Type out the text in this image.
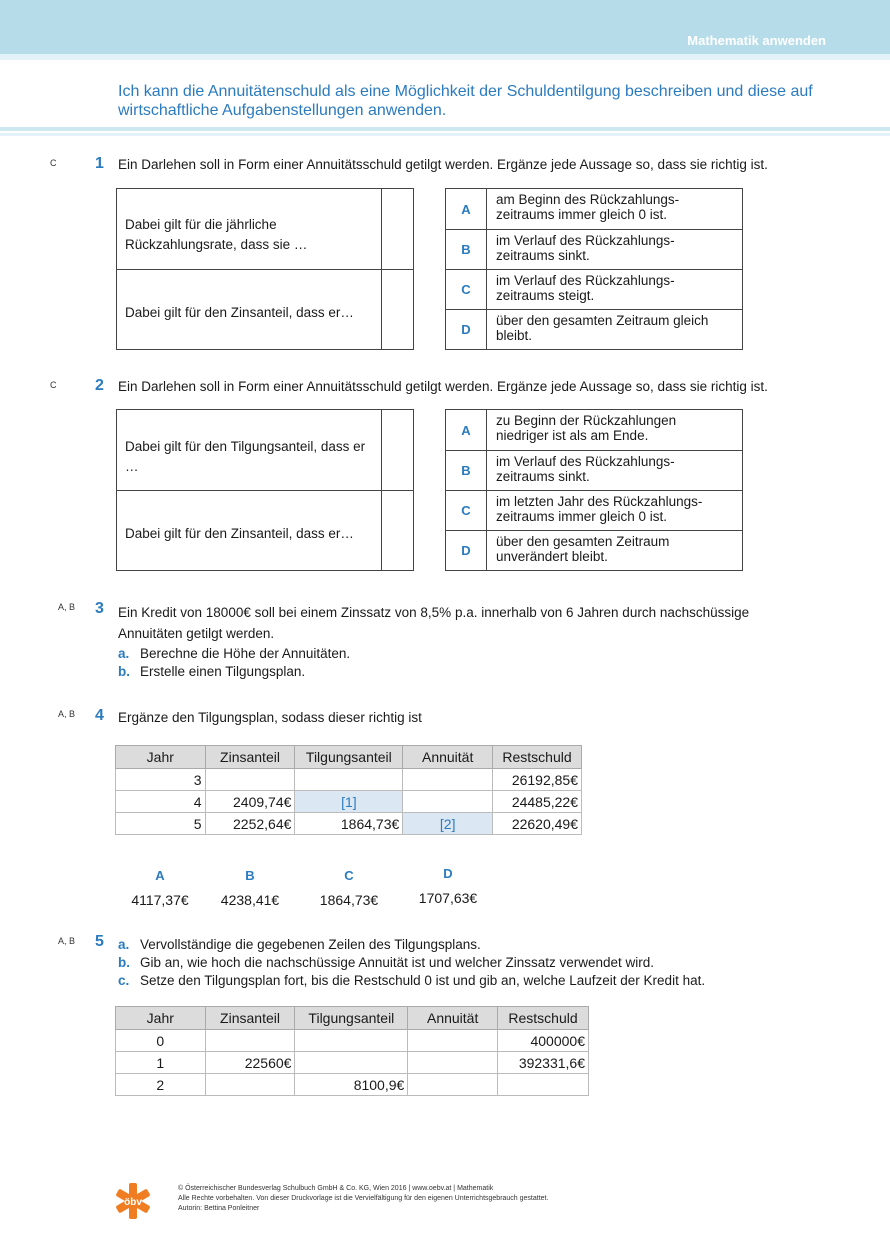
Mathematik anwenden
Ich kann die Annuitätenschuld als eine Möglichkeit der Schuldentilgung beschreiben und diese auf wirtschaftliche Aufgabenstellungen anwenden.
C 1 Ein Darlehen soll in Form einer Annuitätsschuld getilgt werden. Ergänze jede Aussage so, dass sie richtig ist.
Dabei gilt für die jährliche Rückzahlungsrate, dass sie …
Dabei gilt für den Zinsanteil, dass er…
A
am Beginn des Rückzahlungs-zeitraums immer gleich 0 ist.
B
im Verlauf des Rückzahlungs-zeitraums sinkt.
C
im Verlauf des Rückzahlungs-zeitraums steigt.
D
über den gesamten Zeitraum gleich bleibt.
C 2 Ein Darlehen soll in Form einer Annuitätsschuld getilgt werden. Ergänze jede Aussage so, dass sie richtig ist.
Dabei gilt für den Tilgungsanteil, dass er …
Dabei gilt für den Zinsanteil, dass er…
A
zu Beginn der Rückzahlungen niedriger ist als am Ende.
B
im Verlauf des Rückzahlungs-zeitraums sinkt.
C
im letzten Jahr des Rückzahlungs-zeitraums immer gleich 0 ist.
D
über den gesamten Zeitraum unverändert bleibt.
A, B 3 Ein Kredit von 18000€ soll bei einem Zinssatz von 8,5% p.a. innerhalb von 6 Jahren durch nachschüssige Annuitäten getilgt werden.
a. Berechne die Höhe der Annuitäten.
b. Erstelle einen Tilgungsplan.
A, B 4 Ergänze den Tilgungsplan, sodass dieser richtig ist
Jahr	Zinsanteil	Tilgungsanteil	Annuität	Restschuld
3				26192,85€
4	2409,74€	[1]		24485,22€
5	2252,64€	1864,73€	[2]	22620,49€
A
4117,37€
B
4238,41€
C
1864,73€
D
1707,63€
A, B 5 a. Vervollständige die gegebenen Zeilen des Tilgungsplans.
b. Gib an, wie hoch die nachschüssige Annuität ist und welcher Zinssatz verwendet wird.
c. Setze den Tilgungsplan fort, bis die Restschuld 0 ist und gib an, welche Laufzeit der Kredit hat.
Jahr	Zinsanteil	Tilgungsanteil	Annuität	Restschuld
0				400000€
1	22560€			392331,6€
2		8100,9€		
öbv
© Österreichischer Bundesverlag Schulbuch GmbH & Co. KG, Wien 2016 | www.oebv.at | Mathematik
Alle Rechte vorbehalten. Von dieser Druckvorlage ist die Vervielfältigung für den eigenen Unterrichtsgebrauch gestattet.
Autorin: Bettina Ponleitner
